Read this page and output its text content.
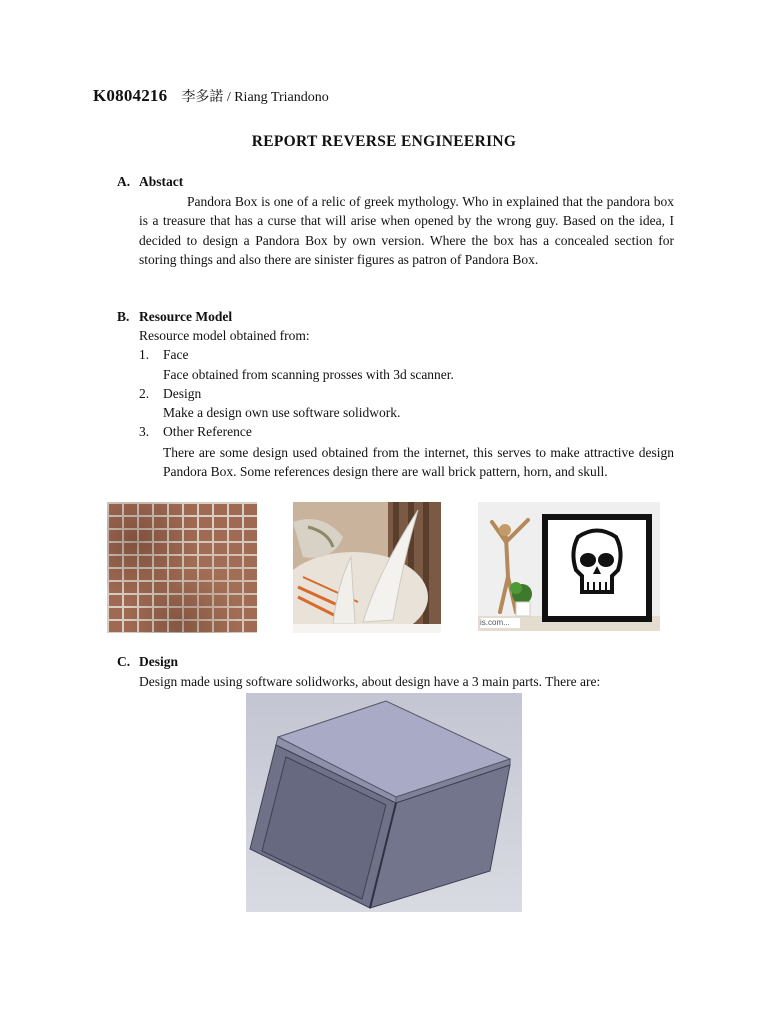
K0804216 李多諾 / Riang Triandono
REPORT REVERSE ENGINEERING
A. Abstact
Pandora Box is one of a relic of greek mythology. Who in explained that the pandora box is a treasure that has a curse that will arise when opened by the wrong guy. Based on the idea, I decided to design a Pandora Box by own version. Where the box has a concealed section for storing things and also there are sinister figures as patron of Pandora Box.
B. Resource Model
Resource model obtained from:
1. Face
Face obtained from scanning prosses with 3d scanner.
2. Design
Make a design own use software solidwork.
3. Other Reference
There are some design used obtained from the internet, this serves to make attractive design Pandora Box. Some references design there are wall brick pattern, horn, and skull.
is.com...
C. Design
Design made using software solidworks, about design have a 3 main parts. There are:
